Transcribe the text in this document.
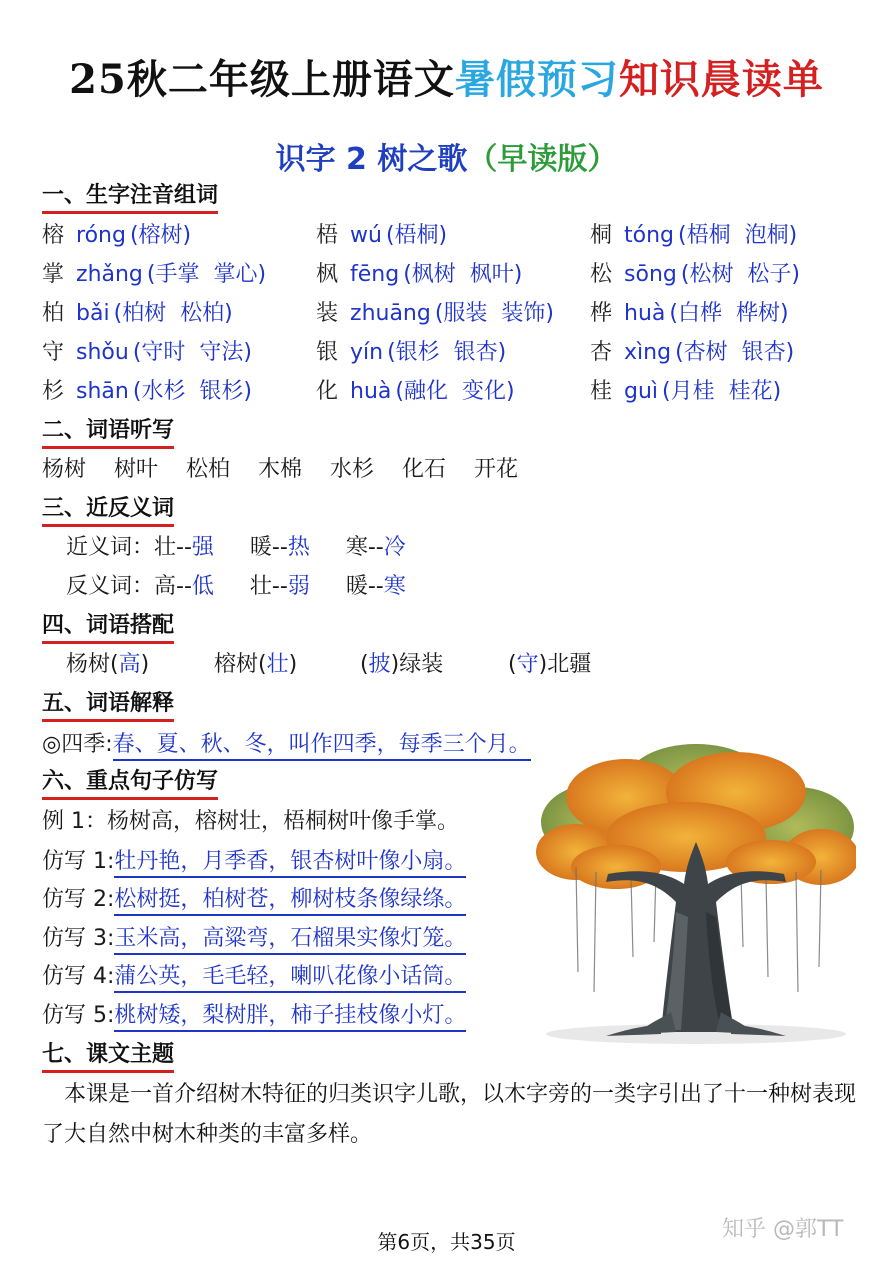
25秋二年级上册语文暑假预习知识晨读单
识字 2 树之歌（早读版）
一、生字注音组词
榕 róng (榕树)	梧 wú (梧桐)	桐 tóng (梧桐  泡桐)
掌 zhǎng (手掌  掌心) 枫 fēng (枫树  枫叶)	松 sōng (松树  松子)
柏 bǎi (柏树  松柏)	装 zhuāng (服装  装饰) 桦 huà (白桦  桦树)
守 shǒu (守时  守法)	银 yín (银杉  银杏)	杏 xìng (杏树  银杏)
杉 shān (水杉  银杉)	化 huà (融化  变化)	桂 guì (月桂  桂花)
二、词语听写
杨树 树叶 松柏 木棉 水杉 化石 开花
三、近反义词
近义词：壮--强 暖--热 寒--冷
反义词：高--低 壮--弱 暖--寒
四、词语搭配
杨树(高)	榕树(壮)	(披)绿装	(守)北疆
五、词语解释
◎四季:春、夏、秋、冬，叫作四季，每季三个月。
六、重点句子仿写
例 1：杨树高，榕树壮，梧桐树叶像手掌。
仿写 1:牡丹艳，月季香，银杏树叶像小扇。
仿写 2:松树挺，柏树苍，柳树枝条像绿绦。
仿写 3:玉米高，高粱弯，石榴果实像灯笼。
仿写 4:蒲公英，毛毛轻，喇叭花像小话筒。
仿写 5:桃树矮，梨树胖，柿子挂枝像小灯。
七、课文主题
本课是一首介绍树木特征的归类识字儿歌，以木字旁的一类字引出了十一种树表现了大自然中树木种类的丰富多样。
第6页，共35页	知乎 @郭TT
